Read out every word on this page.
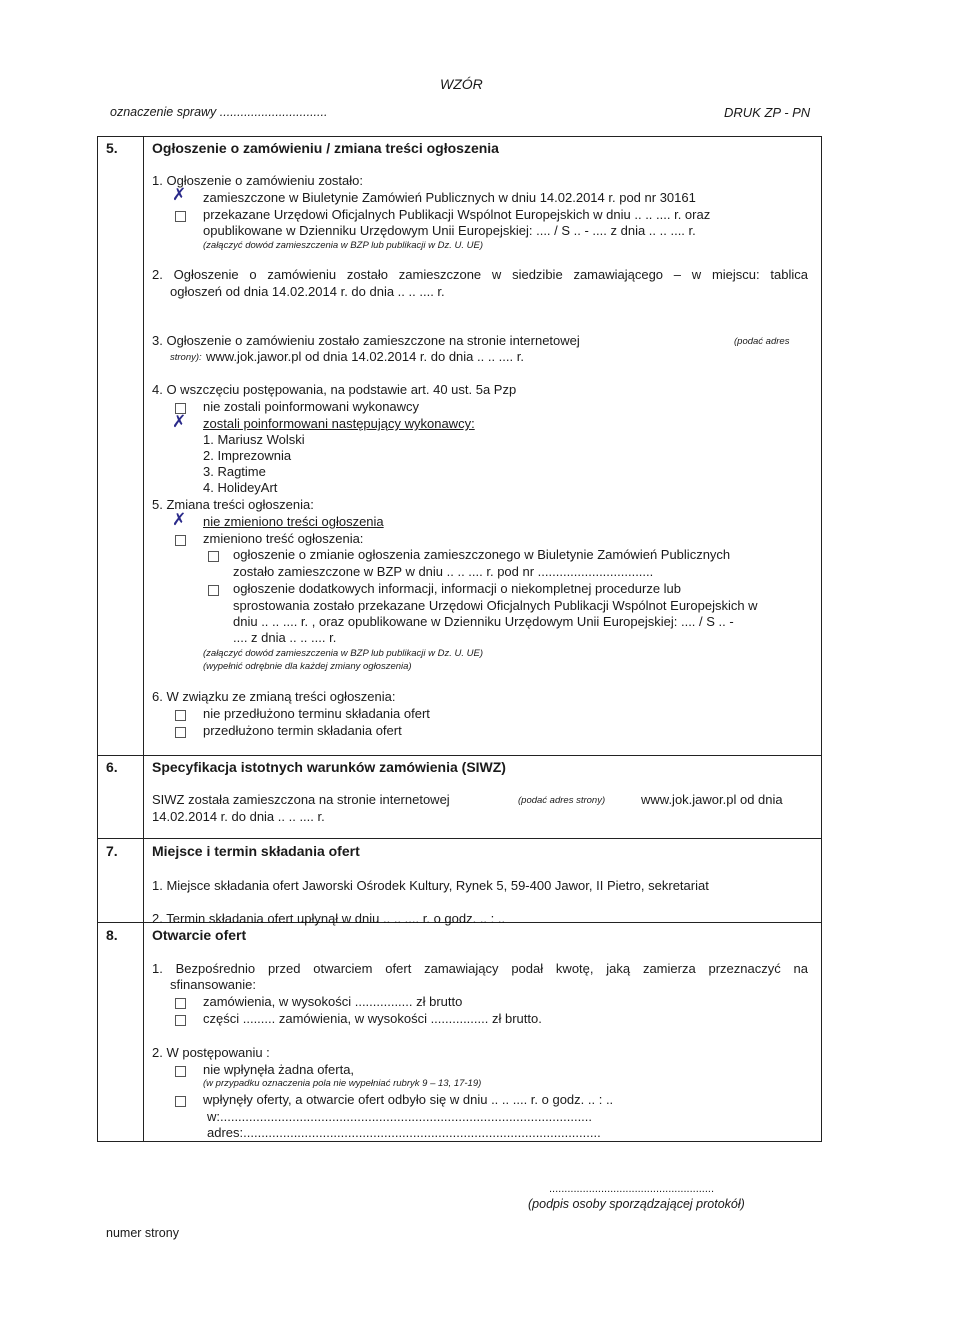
WZÓR
oznaczenie sprawy ...............................	DRUK ZP - PN
5. Ogłoszenie o zamówieniu / zmiana treści ogłoszenia
1. Ogłoszenie o zamówieniu zostało:
✗ zamieszczone w Biuletynie Zamówień Publicznych w dniu 14.02.2014 r. pod nr 30161
przekazane Urzędowi Oficjalnych Publikacji Wspólnot Europejskich w dniu .. .. .... r. oraz
opublikowane w Dzienniku Urzędowym Unii Europejskiej: .... / S .. - .... z dnia .. .. .... r.
(załączyć dowód zamieszczenia w BZP lub publikacji w Dz. U. UE)
2. Ogłoszenie o zamówieniu zostało zamieszczone w siedzibie zamawiającego – w miejscu: tablica
ogłoszeń od dnia 14.02.2014 r. do dnia .. .. .... r.
3. Ogłoszenie o zamówieniu zostało zamieszczone na stronie internetowej	(podać adres
strony): www.jok.jawor.pl od dnia 14.02.2014 r. do dnia .. .. .... r.
4. O wszczęciu postępowania, na podstawie art. 40 ust. 5a Pzp
nie zostali poinformowani wykonawcy
✗ zostali poinformowani następujący wykonawcy:
1. Mariusz Wolski
2. Imprezownia
3. Ragtime
4. HolideyArt
5. Zmiana treści ogłoszenia:
✗ nie zmieniono treści ogłoszenia
zmieniono treść ogłoszenia:
ogłoszenie o zmianie ogłoszenia zamieszczonego w Biuletynie Zamówień Publicznych
zostało zamieszczone w BZP w dniu .. .. .... r. pod nr ................................
ogłoszenie dodatkowych informacji, informacji o niekompletnej procedurze lub
sprostowania zostało przekazane Urzędowi Oficjalnych Publikacji Wspólnot Europejskich w
dniu .. .. .... r. , oraz opublikowane w Dzienniku Urzędowym Unii Europejskiej: .... / S .. -
.... z dnia .. .. .... r.
(załączyć dowód zamieszczenia w BZP lub publikacji w Dz. U. UE)
(wypełnić odrębnie dla każdej zmiany ogłoszenia)
6. W związku ze zmianą treści ogłoszenia:
nie przedłużono terminu składania ofert
przedłużono termin składania ofert
6. Specyfikacja istotnych warunków zamówienia (SIWZ)
SIWZ została zamieszczona na stronie internetowej	(podać adres strony)	www.jok.jawor.pl od dnia
14.02.2014 r. do dnia .. .. .... r.
7. Miejsce i termin składania ofert
1. Miejsce składania ofert Jaworski Ośrodek Kultury, Rynek 5, 59-400 Jawor, II Pietro, sekretariat
2. Termin składania ofert upłynął w dniu .. .. .... r. o godz. .. : ..
8. Otwarcie ofert
1. Bezpośrednio przed otwarciem ofert zamawiający podał kwotę, jaką zamierza przeznaczyć na
sfinansowanie:
zamówienia, w wysokości ................ zł brutto
części ......... zamówienia, w wysokości ................ zł brutto.
2. W postępowaniu :
nie wpłynęła żadna oferta,
(w przypadku oznaczenia pola nie wypełniać rubryk 9 – 13, 17-19)
wpłynęły oferty, a otwarcie ofert odbyło się w dniu .. .. .... r. o godz. .. : ..
w:.......................................................................................................
adres:...................................................................................................
......................................................
(podpis osoby sporządzającej protokół)
numer strony
